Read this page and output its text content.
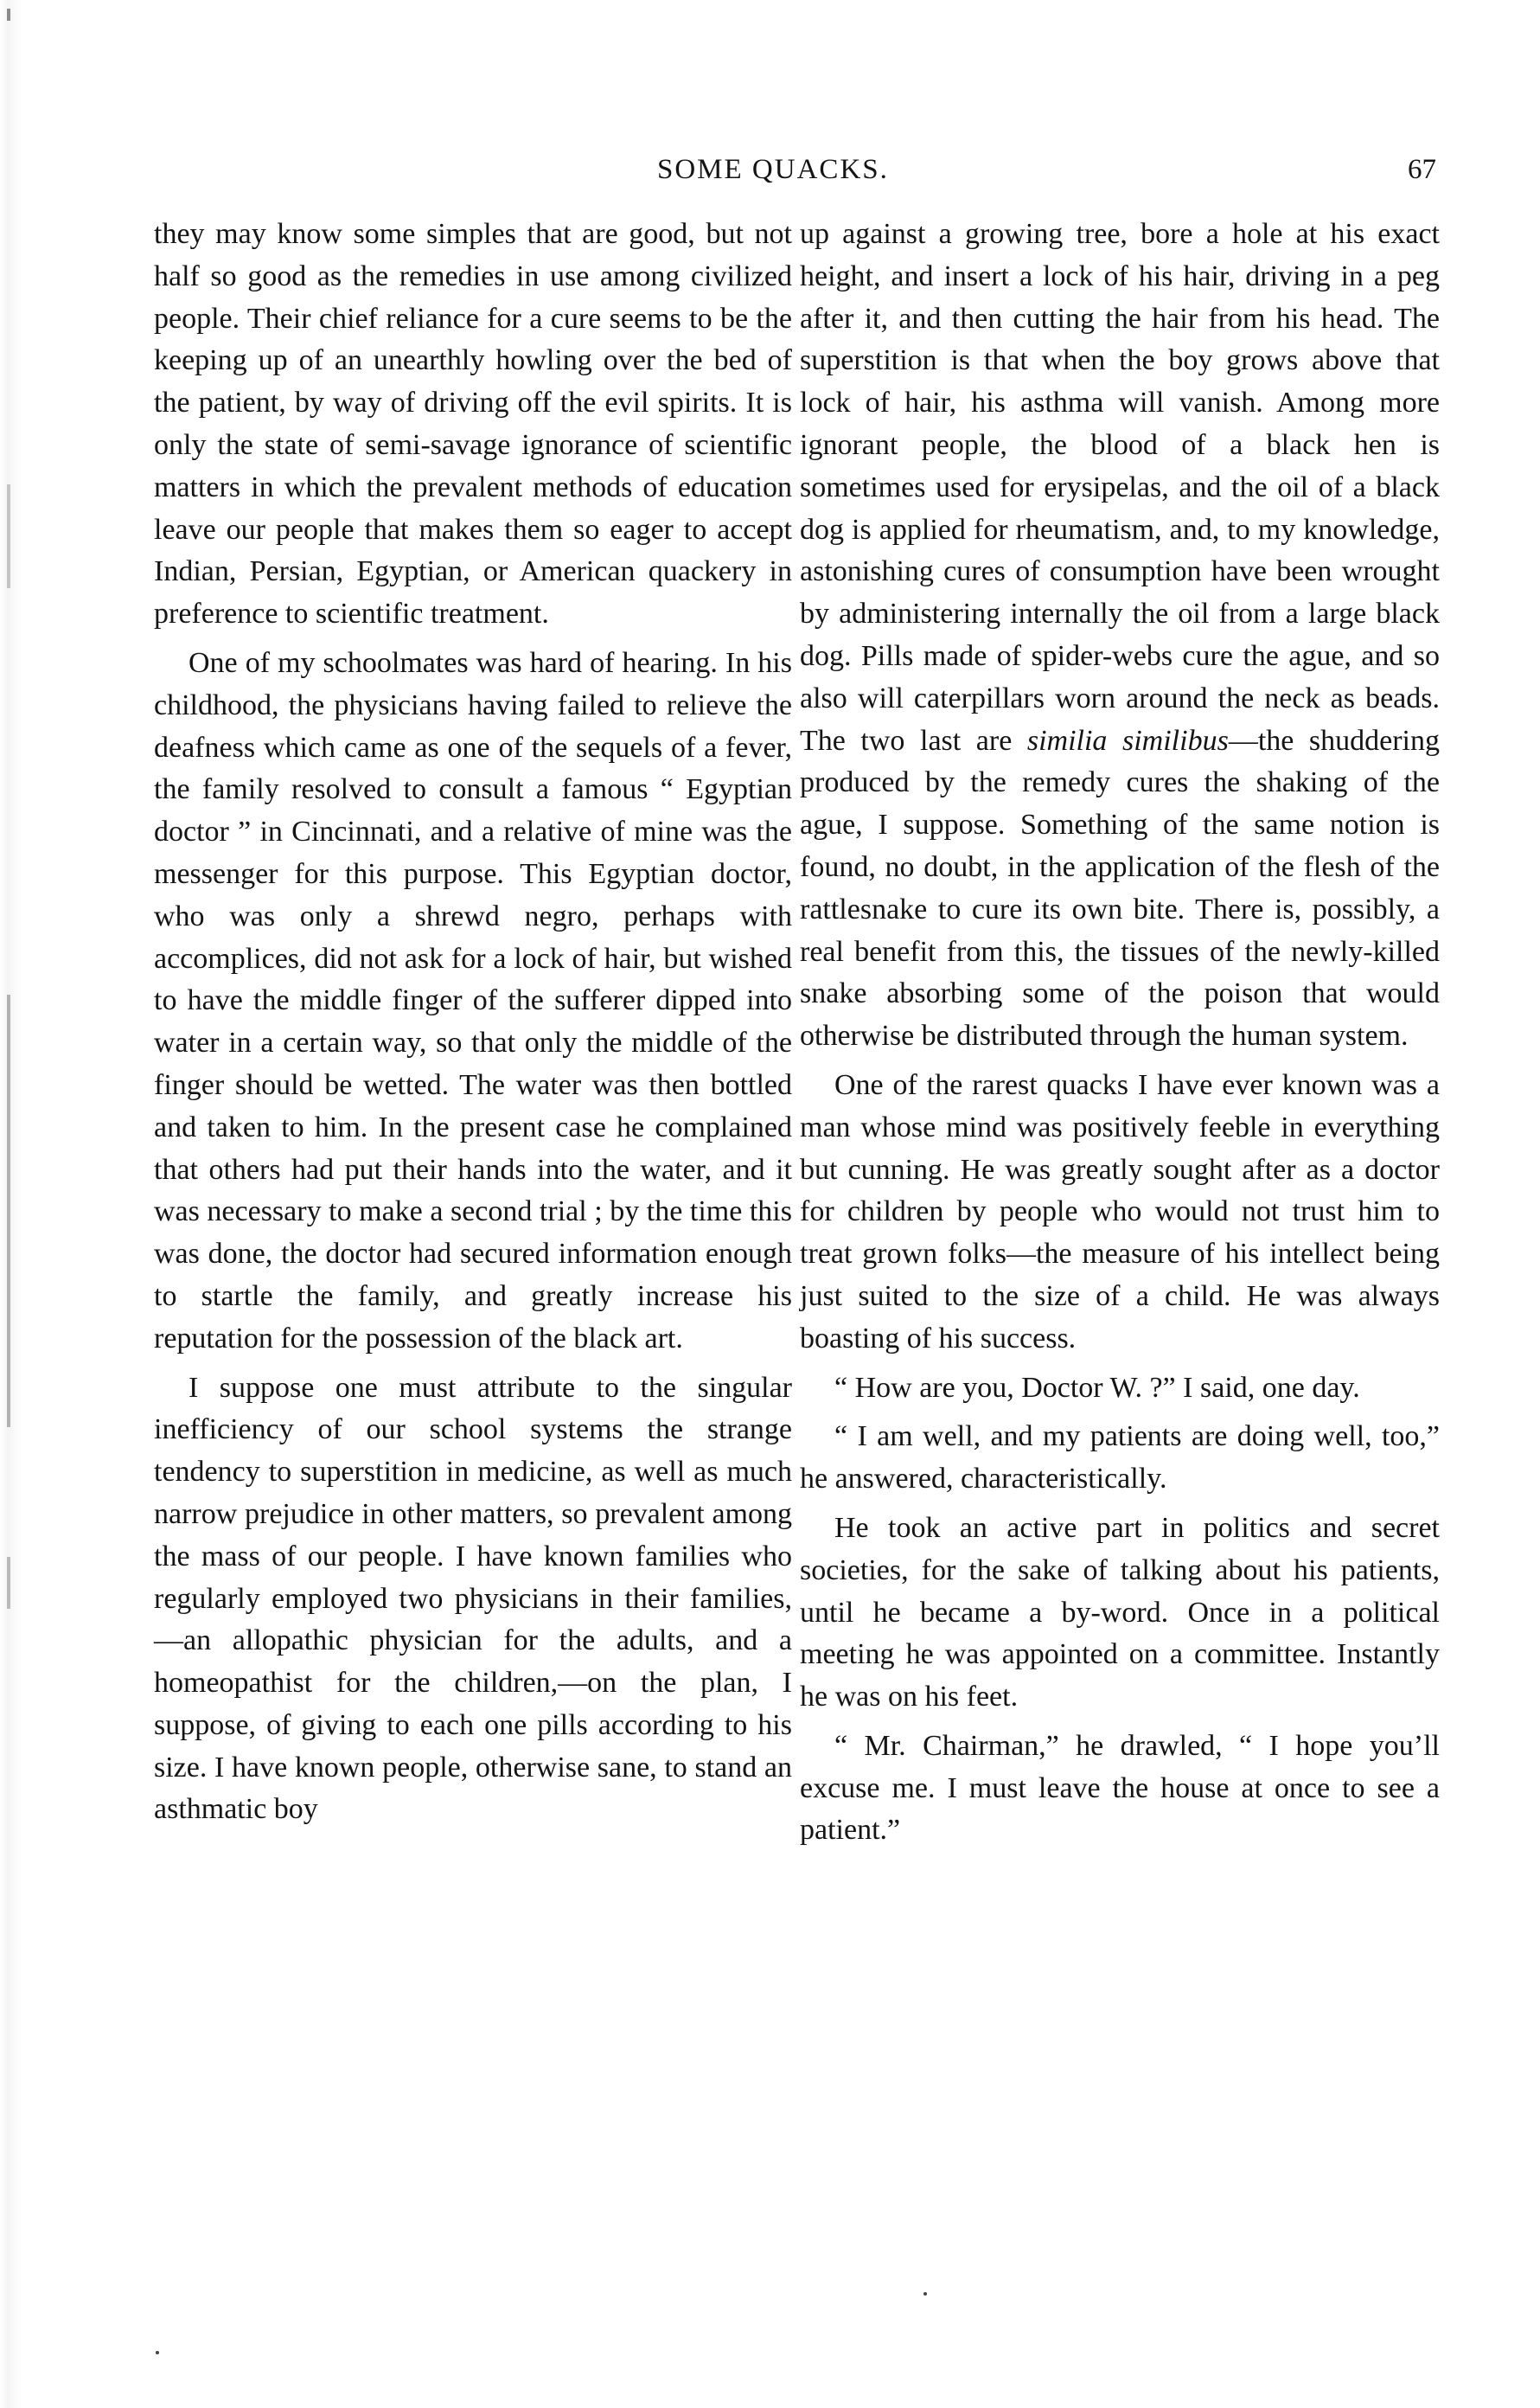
SOME QUACKS.	67

they may know some simples that are good, but not half so good as the remedies in use among civilized people. Their chief reliance for a cure seems to be the keeping up of an unearthly howling over the bed of the patient, by way of driving off the evil spirits. It is only the state of semi-savage ignorance of scientific matters in which the prevalent methods of education leave our people that makes them so eager to accept Indian, Persian, Egyptian, or American quackery in preference to scientific treatment.

One of my schoolmates was hard of hearing. In his childhood, the physicians having failed to relieve the deafness which came as one of the sequels of a fever, the family resolved to consult a famous “ Egyptian doctor ” in Cincinnati, and a relative of mine was the messenger for this purpose. This Egyptian doctor, who was only a shrewd negro, perhaps with accomplices, did not ask for a lock of hair, but wished to have the middle finger of the sufferer dipped into water in a certain way, so that only the middle of the finger should be wetted. The water was then bottled and taken to him. In the present case he complained that others had put their hands into the water, and it was necessary to make a second trial ; by the time this was done, the doctor had secured information enough to startle the family, and greatly increase his reputation for the possession of the black art.

I suppose one must attribute to the singular inefficiency of our school systems the strange tendency to superstition in medicine, as well as much narrow prejudice in other matters, so prevalent among the mass of our people. I have known families who regularly employed two physicians in their families,—an allopathic physician for the adults, and a homeopathist for the children,—on the plan, I suppose, of giving to each one pills according to his size. I have known people, otherwise sane, to stand an asthmatic boy

up against a growing tree, bore a hole at his exact height, and insert a lock of his hair, driving in a peg after it, and then cutting the hair from his head. The superstition is that when the boy grows above that lock of hair, his asthma will vanish. Among more ignorant people, the blood of a black hen is sometimes used for erysipelas, and the oil of a black dog is applied for rheumatism, and, to my knowledge, astonishing cures of consumption have been wrought by administering internally the oil from a large black dog. Pills made of spider-webs cure the ague, and so also will caterpillars worn around the neck as beads. The two last are similia similibus—the shuddering produced by the remedy cures the shaking of the ague, I suppose. Something of the same notion is found, no doubt, in the application of the flesh of the rattlesnake to cure its own bite. There is, possibly, a real benefit from this, the tissues of the newly-killed snake absorbing some of the poison that would otherwise be distributed through the human system.

One of the rarest quacks I have ever known was a man whose mind was positively feeble in everything but cunning. He was greatly sought after as a doctor for children by people who would not trust him to treat grown folks—the measure of his intellect being just suited to the size of a child. He was always boasting of his success.

“ How are you, Doctor W. ?” I said, one day.

“ I am well, and my patients are doing well, too,” he answered, characteristically.

He took an active part in politics and secret societies, for the sake of talking about his patients, until he became a by-word. Once in a political meeting he was appointed on a committee. Instantly he was on his feet.

“ Mr. Chairman,” he drawled, “ I hope you’ll excuse me. I must leave the house at once to see a patient.”
